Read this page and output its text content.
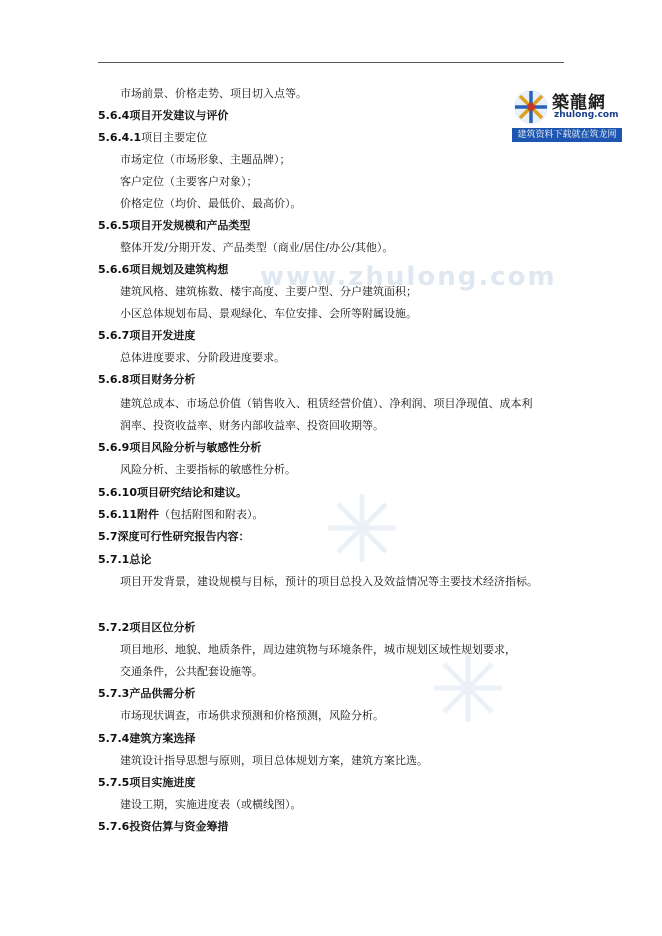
www.zhulong.com
築龍網
zhulong.com
建筑资料下载就在筑龙网
市场前景、价格走势、项目切入点等。
5.6.4项目开发建议与评价
5.6.4.1项目主要定位
市场定位（市场形象、主题品牌）；
客户定位（主要客户对象）；
价格定位（均价、最低价、最高价）。
5.6.5项目开发规模和产品类型
整体开发/分期开发、产品类型（商业/居住/办公/其他）。
5.6.6项目规划及建筑构想
建筑风格、建筑栋数、楼宇高度、主要户型、分户建筑面积；
小区总体规划布局、景观绿化、车位安排、会所等附属设施。
5.6.7项目开发进度
总体进度要求、分阶段进度要求。
5.6.8项目财务分析
建筑总成本、市场总价值（销售收入、租赁经营价值）、净利润、项目净现值、成本利
润率、投资收益率、财务内部收益率、投资回收期等。
5.6.9项目风险分析与敏感性分析
风险分析、主要指标的敏感性分析。
5.6.10项目研究结论和建议。
5.6.11附件（包括附图和附表）。
5.7深度可行性研究报告内容：
5.7.1总论
项目开发背景，建设规模与目标，预计的项目总投入及效益情况等主要技术经济指标。
5.7.2项目区位分析
项目地形、地貌、地质条件，周边建筑物与环境条件，城市规划区域性规划要求，
交通条件，公共配套设施等。
5.7.3产品供需分析
市场现状调查，市场供求预测和价格预测，风险分析。
5.7.4建筑方案选择
建筑设计指导思想与原则，项目总体规划方案，建筑方案比选。
5.7.5项目实施进度
建设工期，实施进度表（或横线图）。
5.7.6投资估算与资金筹措
